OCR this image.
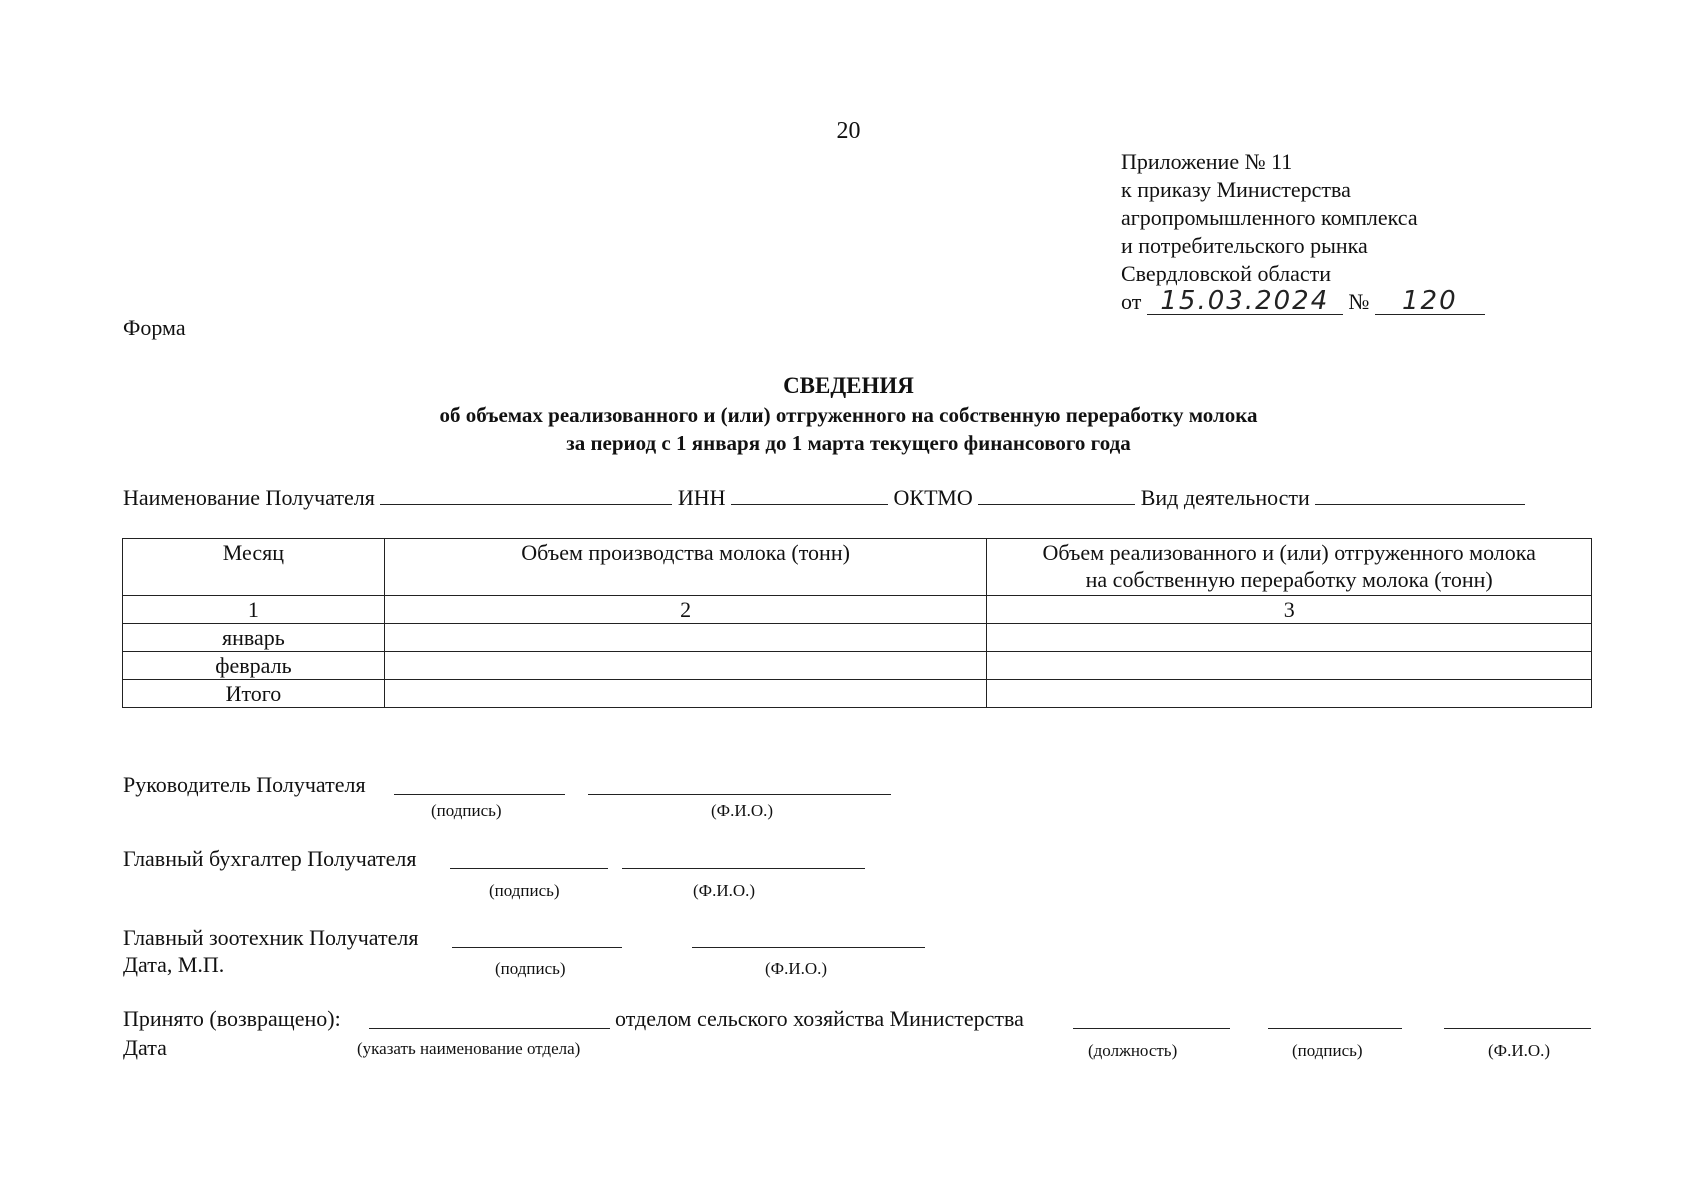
20
Приложение № 11
к приказу Министерства
агропромышленного комплекса
и потребительского рынка
Свердловской области
от 15.03.2024 № 120
Форма
СВЕДЕНИЯ
об объемах реализованного и (или) отгруженного на собственную переработку молока
за период с 1 января до 1 марта текущего финансового года
Наименование Получателя	ИНН	ОКТМО	Вид деятельности
Месяц	Объем производства молока (тонн)	Объем реализованного и (или) отгруженного молока
на собственную переработку молока (тонн)

1	2	3
январь		
февраль		
Итого		
Руководитель Получателя
(подпись)	(Ф.И.О.)
Главный бухгалтер Получателя
(подпись)	(Ф.И.О.)
Главный зоотехник Получателя
Дата, М.П.	(подпись)	(Ф.И.О.)
Принято (возвращено):	отделом сельского хозяйства Министерства
Дата	(указать наименование отдела)	(должность)	(подпись)	(Ф.И.О.)
